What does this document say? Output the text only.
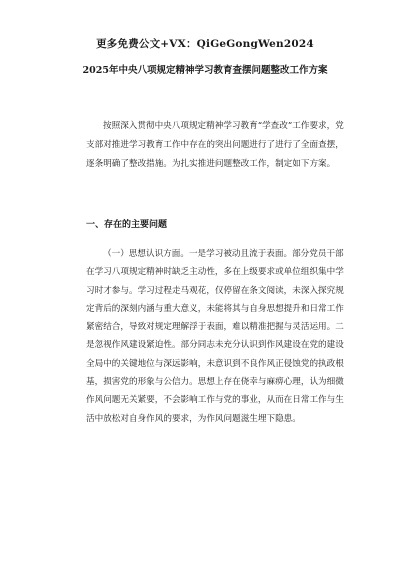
更多免费公文+VX：QiGeGongWen2024
2025年中央八项规定精神学习教育查摆问题整改工作方案

按照深入贯彻中央八项规定精神学习教育“学查改”工作要求，党支部对推进学习教育工作中存在的突出问题进行了进行了全面查摆，逐条明确了整改措施。为扎实推进问题整改工作，制定如下方案。

一、存在的主要问题

（一）思想认识方面。一是学习被动且流于表面。部分党员干部在学习八项规定精神时缺乏主动性，多在上级要求或单位组织集中学习时才参与。学习过程走马观花，仅停留在条文阅读，未深入探究规定背后的深刻内涵与重大意义，未能将其与自身思想提升和日常工作紧密结合，导致对规定理解浮于表面，难以精准把握与灵活运用。二是忽视作风建设紧迫性。部分同志未充分认识到作风建设在党的建设全局中的关键地位与深远影响，未意识到不良作风正侵蚀党的执政根基，损害党的形象与公信力。思想上存在侥幸与麻痹心理，认为细微作风问题无关紧要，不会影响工作与党的事业，从而在日常工作与生活中放松对自身作风的要求，为作风问题滋生埋下隐患。
